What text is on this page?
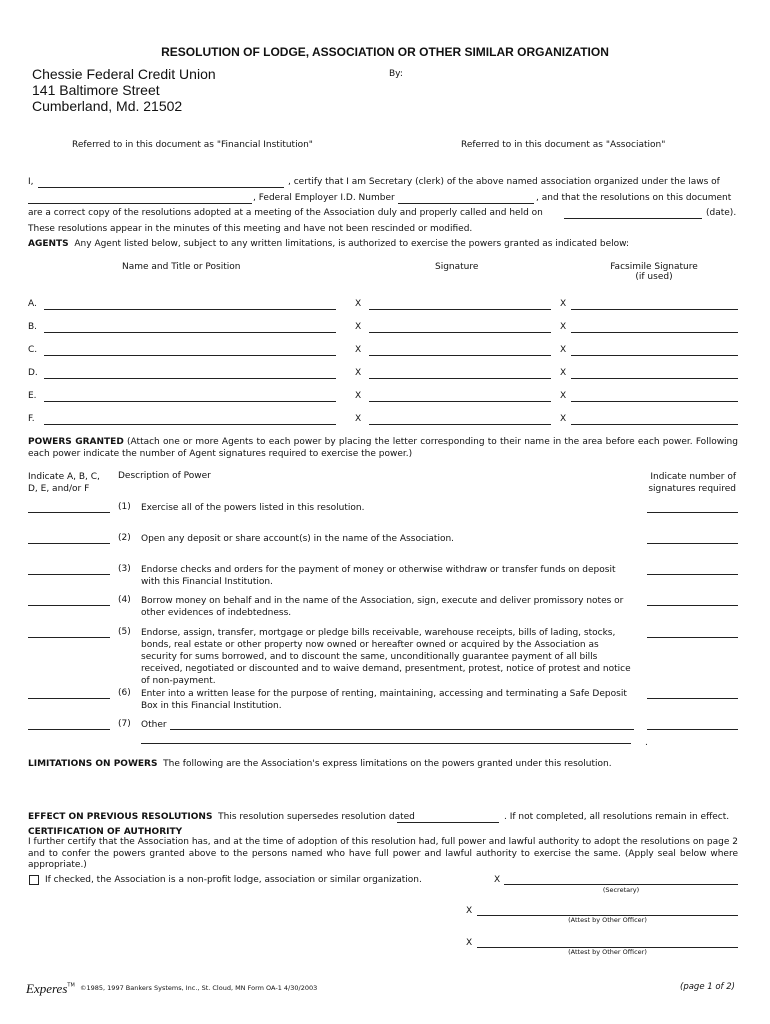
RESOLUTION OF LODGE, ASSOCIATION OR OTHER SIMILAR ORGANIZATION
Chessie Federal Credit Union
141 Baltimore Street
Cumberland, Md. 21502
By:
Referred to in this document as "Financial Institution"	Referred to in this document as "Association"
I,	, certify that I am Secretary (clerk) of the above named association organized under the laws of
, Federal Employer I.D. Number	, and that the resolutions on this document
are a correct copy of the resolutions adopted at a meeting of the Association duly and properly called and held on	(date).
These resolutions appear in the minutes of this meeting and have not been rescinded or modified.
AGENTS Any Agent listed below, subject to any written limitations, is authorized to exercise the powers granted as indicated below:
Name and Title or Position	Signature	Facsimile Signature
(if used)
A.	X	X
B.	X	X
C.	X	X
D.	X	X
E.	X	X
F.	X	X
POWERS GRANTED (Attach one or more Agents to each power by placing the letter corresponding to their name in the area before each power. Following each power indicate the number of Agent signatures required to exercise the power.)
Indicate A, B, C,
D, E, and/or F
Description of Power	Indicate number of
signatures required
(1) Exercise all of the powers listed in this resolution.
(2) Open any deposit or share account(s) in the name of the Association.
(3) Endorse checks and orders for the payment of money or otherwise withdraw or transfer funds on deposit with this Financial Institution.
(4) Borrow money on behalf and in the name of the Association, sign, execute and deliver promissory notes or other evidences of indebtedness.
(5) Endorse, assign, transfer, mortgage or pledge bills receivable, warehouse receipts, bills of lading, stocks, bonds, real estate or other property now owned or hereafter owned or acquired by the Association as security for sums borrowed, and to discount the same, unconditionally guarantee payment of all bills received, negotiated or discounted and to waive demand, presentment, protest, notice of protest and notice of non-payment.
(6) Enter into a written lease for the purpose of renting, maintaining, accessing and terminating a Safe Deposit Box in this Financial Institution.
(7) Other
.
LIMITATIONS ON POWERS The following are the Association's express limitations on the powers granted under this resolution.
EFFECT ON PREVIOUS RESOLUTIONS This resolution supersedes resolution dated	. If not completed, all resolutions remain in effect.
CERTIFICATION OF AUTHORITY
I further certify that the Association has, and at the time of adoption of this resolution had, full power and lawful authority to adopt the resolutions on page 2 and to confer the powers granted above to the persons named who have full power and lawful authority to exercise the same. (Apply seal below where appropriate.)
If checked, the Association is a non-profit lodge, association or similar organization.	X
(Secretary)
X
(Attest by Other Officer)
X
(Attest by Other Officer)
Experes™ ©1985, 1997 Bankers Systems, Inc., St. Cloud, MN Form OA-1 4/30/2003	(page 1 of 2)
